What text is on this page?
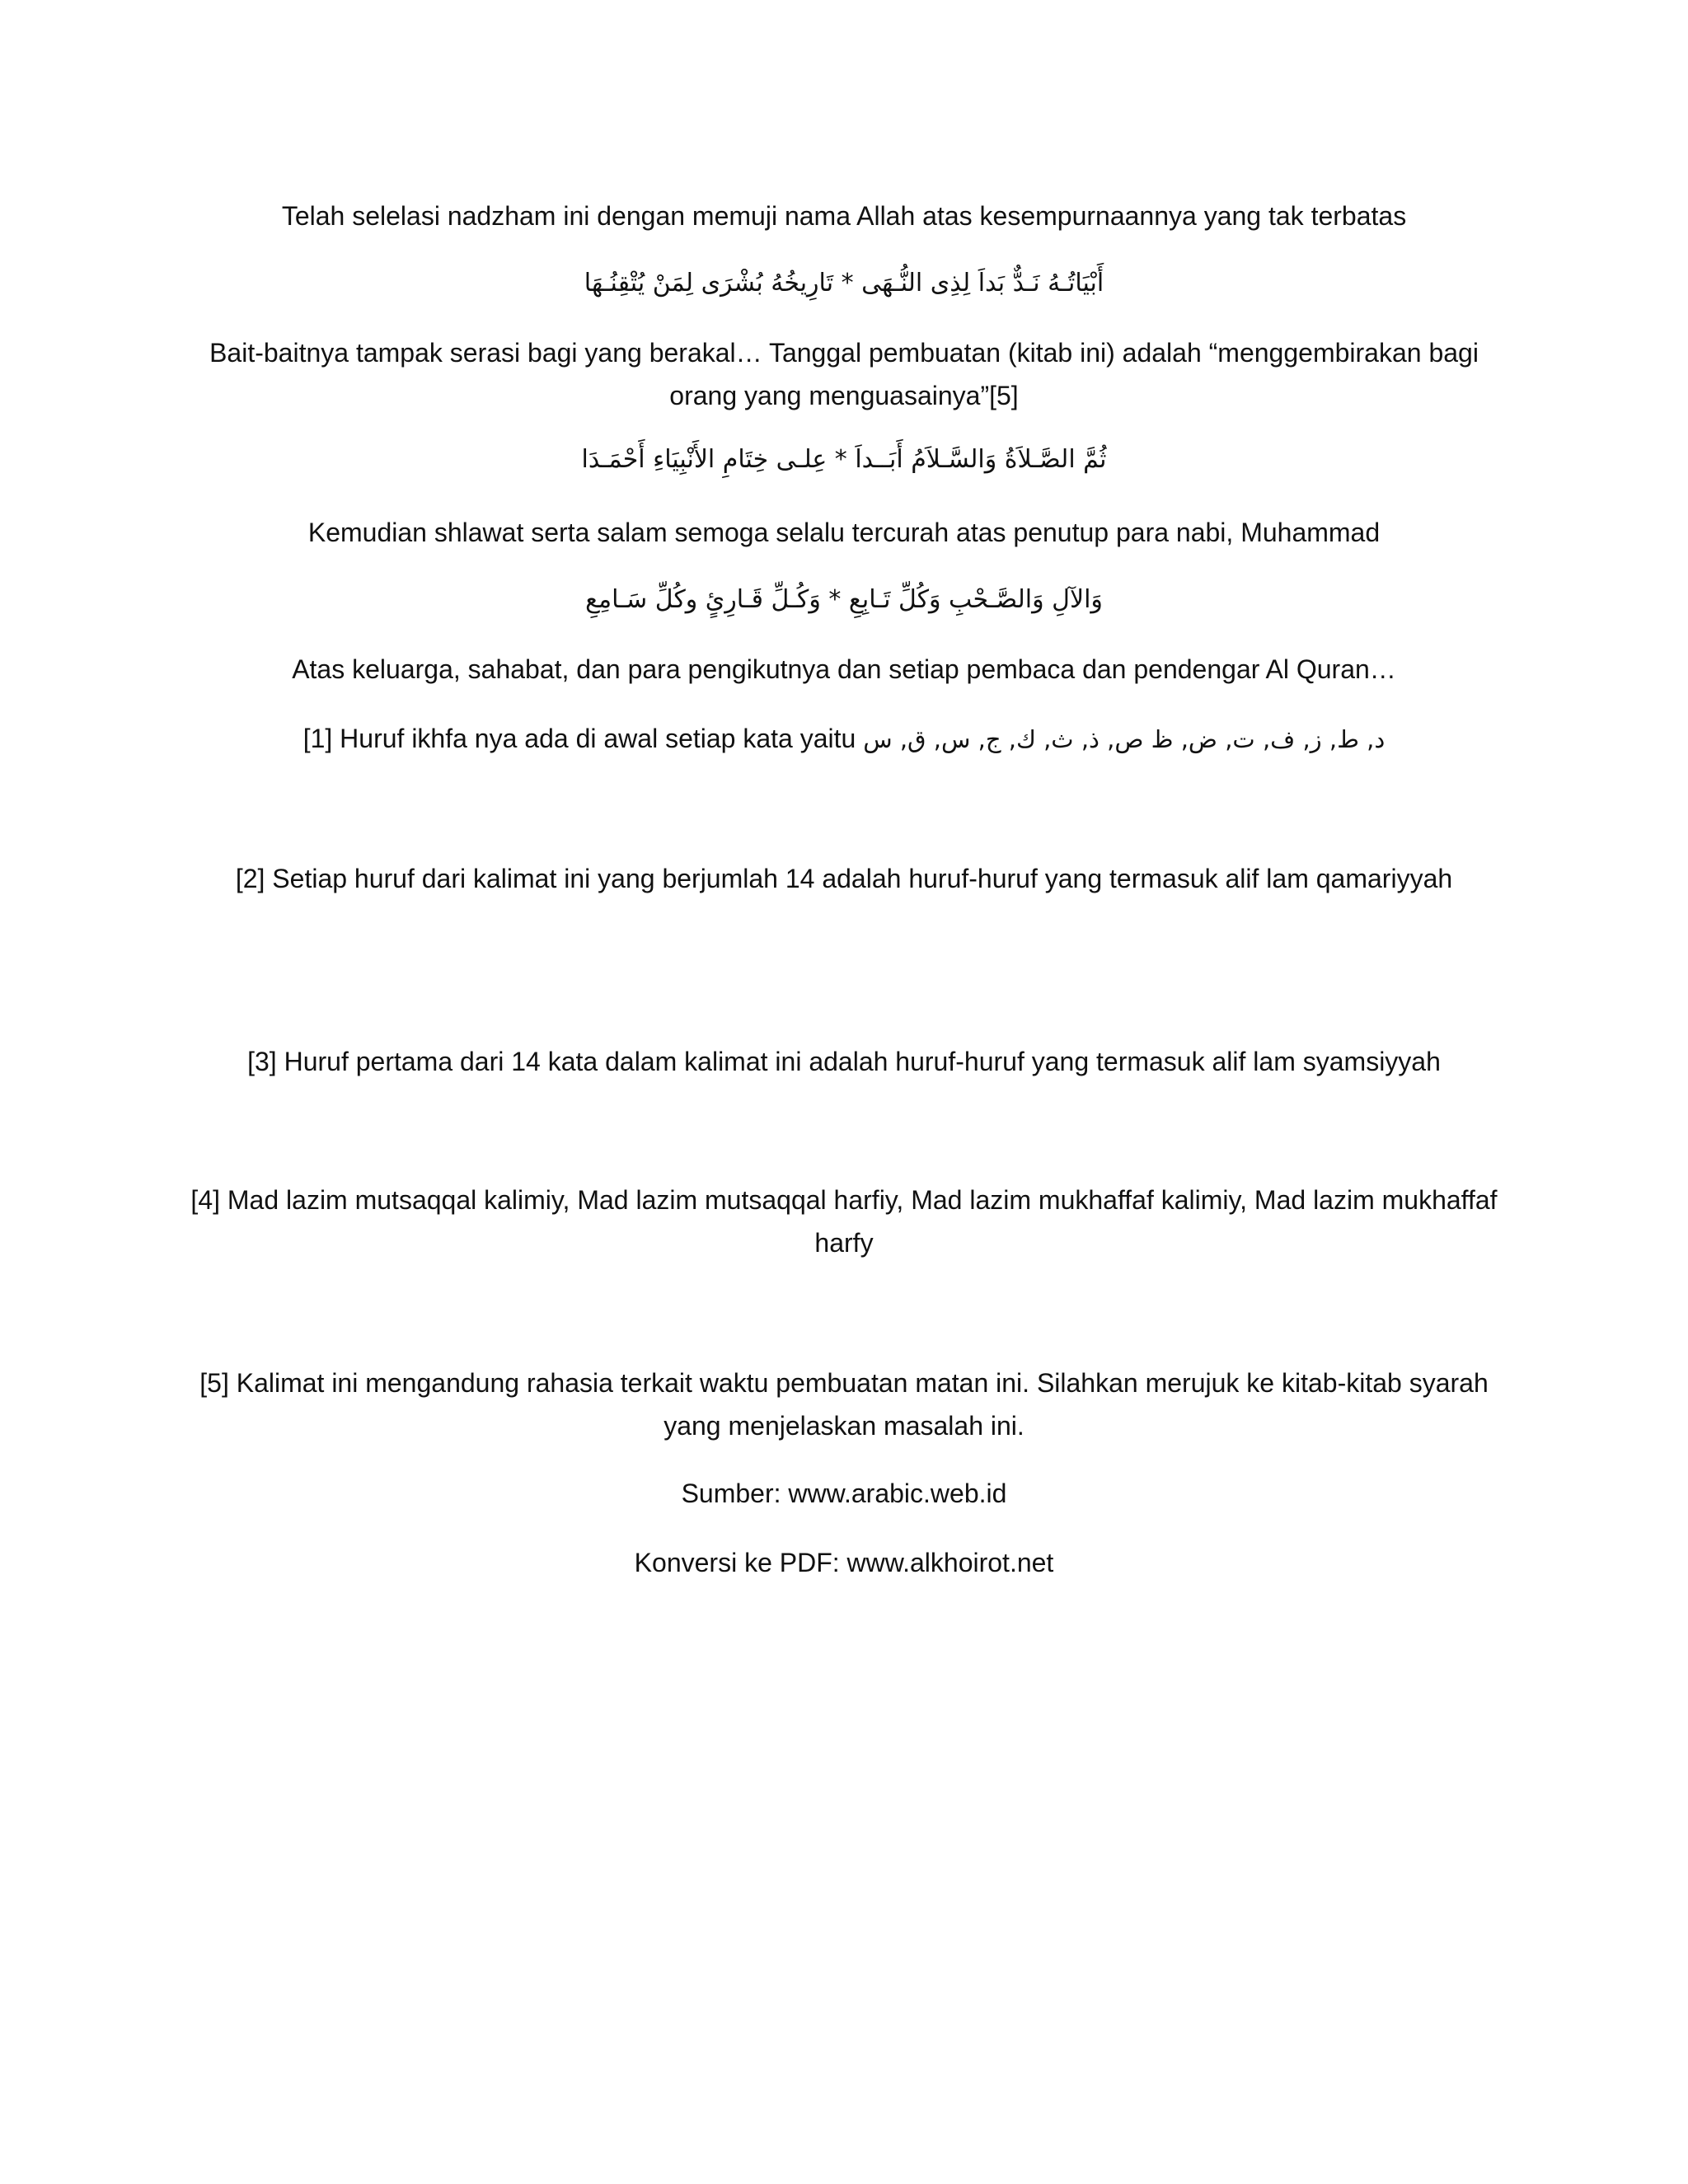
Telah selelasi nadzham ini dengan memuji nama Allah atas kesempurnaannya yang tak terbatas

أَبْيَاتُـهُ نَـدٌّ بَداَ لِذِى النُّـهَى * تَارِيخُهُ بُشْرَى لِمَنْ يُتْقِنُـهَا

Bait-baitnya tampak serasi bagi yang berakal… Tanggal pembuatan (kitab ini) adalah “menggembirakan bagi orang yang menguasainya”[5]

ثُمَّ الصَّـلاَةُ وَالسَّـلاَمُ أَبَــداَ * عِلـى خِتَامِ الأَنْبِيَاءِ أَحْمَـدَا

Kemudian shlawat serta salam semoga selalu tercurah atas penutup para nabi, Muhammad

وَالآلِ وَالصَّـحْبِ وَكُلِّ تَـابِعِ * وَكُـلِّ قَـارِئٍ وكُلِّ سَـامِعِ

Atas keluarga, sahabat, dan para pengikutnya dan setiap pembaca dan pendengar Al Quran…

[1] Huruf ikhfa nya ada di awal setiap kata yaitu د, ط, ز, ف, ت, ض, ظ ص, ذ, ث, ك, ج, س, ق, س

[2] Setiap huruf dari kalimat ini yang berjumlah 14 adalah huruf-huruf yang termasuk alif lam qamariyyah

[3] Huruf pertama dari 14 kata dalam kalimat ini adalah huruf-huruf yang termasuk alif lam syamsiyyah

[4] Mad lazim mutsaqqal kalimiy, Mad lazim mutsaqqal harfiy, Mad lazim mukhaffaf kalimiy, Mad lazim mukhaffaf harfy

[5] Kalimat ini mengandung rahasia terkait waktu pembuatan matan ini. Silahkan merujuk ke kitab-kitab syarah yang menjelaskan masalah ini.

Sumber: www.arabic.web.id

Konversi ke PDF: www.alkhoirot.net
